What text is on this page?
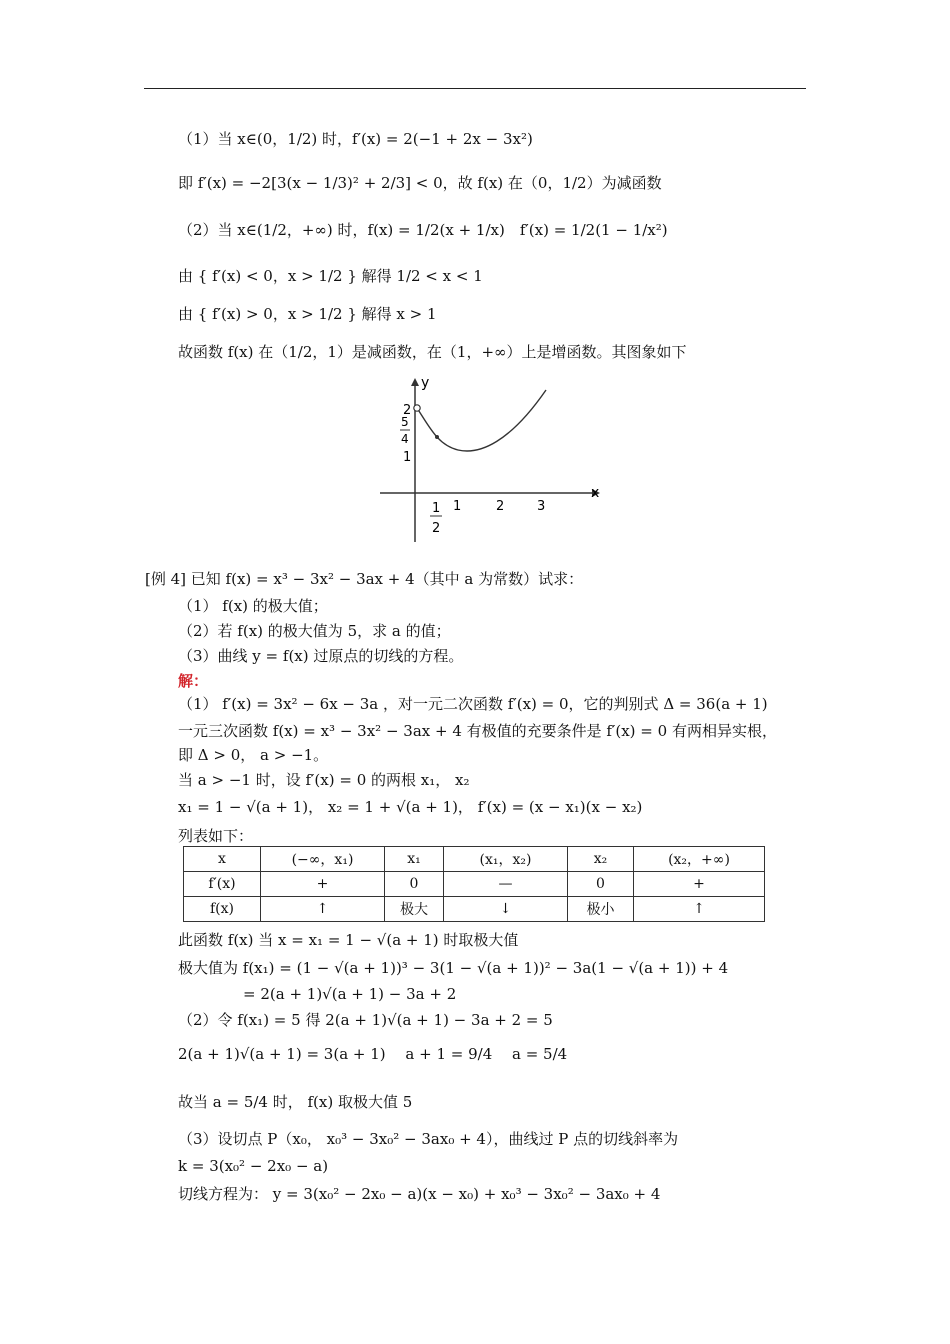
（1）当 x∈(0，1/2) 时，f′(x) = 2(−1 + 2x − 3x²)
即 f′(x) = −2[3(x − 1/3)² + 2/3] < 0，故 f(x) 在（0，1/2）为减函数
（2）当 x∈(1/2，+∞) 时，f(x) = 1/2(x + 1/x)　f′(x) = 1/2(1 − 1/x²)
由 { f′(x) < 0，x > 1/2 } 解得 1/2 < x < 1
由 { f′(x) > 0，x > 1/2 } 解得 x > 1
故函数 f(x) 在（1/2，1）是减函数，在（1，+∞）上是增函数。其图象如下
y
x
2
5
4
1
1
2
1	2	3
[例 4] 已知 f(x) = x³ − 3x² − 3ax + 4（其中 a 为常数）试求：
（1） f(x) 的极大值；
（2）若 f(x) 的极大值为 5，求 a 的值；
（3）曲线 y = f(x) 过原点的切线的方程。
解：
（1） f′(x) = 3x² − 6x − 3a ，对一元二次函数 f′(x) = 0，它的判别式 Δ = 36(a + 1)
一元三次函数 f(x) = x³ − 3x² − 3ax + 4 有极值的充要条件是 f′(x) = 0 有两相异实根，
即 Δ > 0， a > −1。
当 a > −1 时，设 f′(x) = 0 的两根 x₁， x₂
x₁ = 1 − √(a + 1)， x₂ = 1 + √(a + 1)， f′(x) = (x − x₁)(x − x₂)
列表如下：
x	(−∞，x₁)	x₁	(x₁，x₂)	x₂	(x₂，+∞)
f′(x)	+	0	—	0	+
f(x)	↑	极大	↓	极小	↑
此函数 f(x) 当 x = x₁ = 1 − √(a + 1) 时取极大值
极大值为 f(x₁) = (1 − √(a + 1))³ − 3(1 − √(a + 1))² − 3a(1 − √(a + 1)) + 4
= 2(a + 1)√(a + 1) − 3a + 2
（2）令 f(x₁) = 5 得 2(a + 1)√(a + 1) − 3a + 2 = 5
2(a + 1)√(a + 1) = 3(a + 1)　 a + 1 = 9/4　 a = 5/4
故当 a = 5/4 时， f(x) 取极大值 5
（3）设切点 P（x₀， x₀³ − 3x₀² − 3ax₀ + 4），曲线过 P 点的切线斜率为
k = 3(x₀² − 2x₀ − a)
切线方程为： y = 3(x₀² − 2x₀ − a)(x − x₀) + x₀³ − 3x₀² − 3ax₀ + 4
